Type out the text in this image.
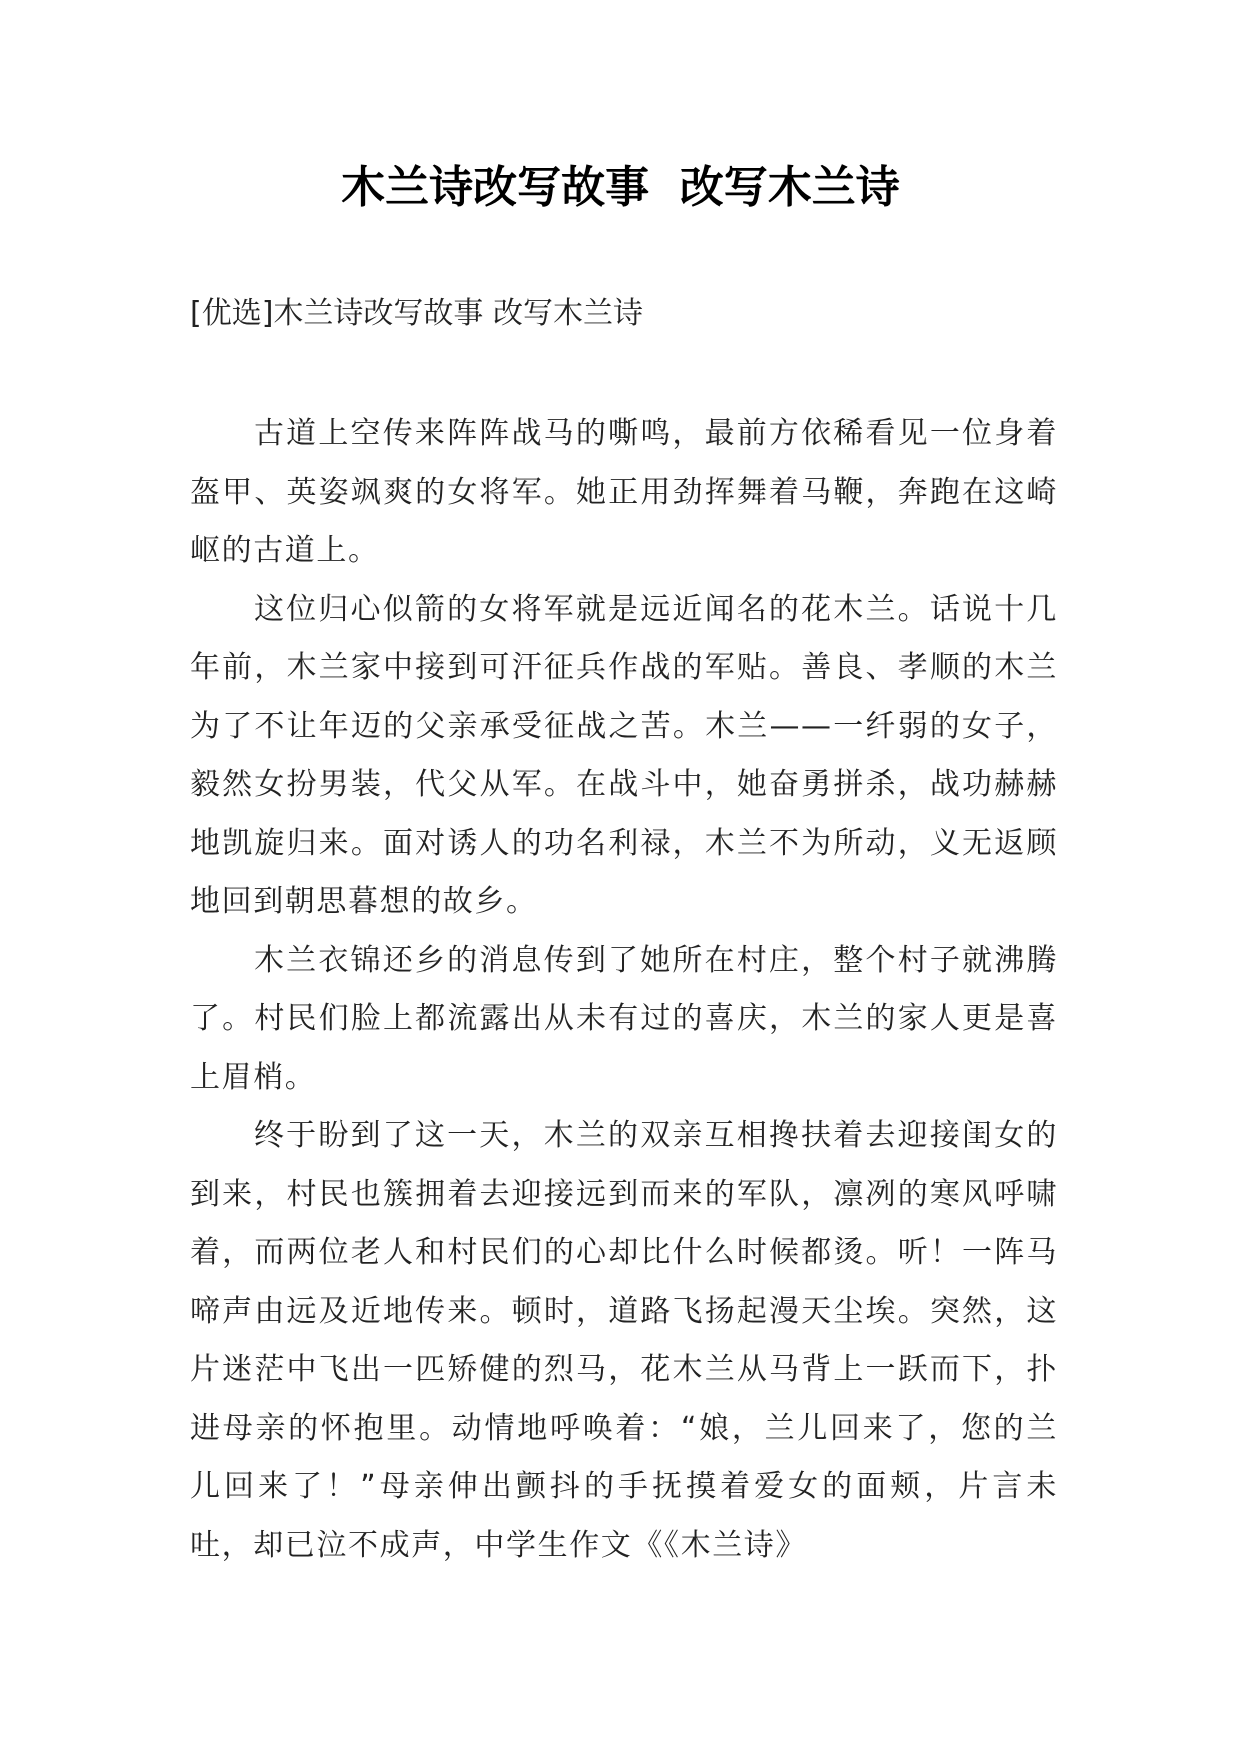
木兰诗改写故事  改写木兰诗
[优选]木兰诗改写故事 改写木兰诗

古道上空传来阵阵战马的嘶鸣，最前方依稀看见一位身着盔甲、英姿飒爽的女将军。她正用劲挥舞着马鞭，奔跑在这崎岖的古道上。

这位归心似箭的女将军就是远近闻名的花木兰。话说十几年前，木兰家中接到可汗征兵作战的军贴。善良、孝顺的木兰为了不让年迈的父亲承受征战之苦。木兰——一纤弱的女子，毅然女扮男装，代父从军。在战斗中，她奋勇拼杀，战功赫赫地凯旋归来。面对诱人的功名利禄，木兰不为所动，义无返顾地回到朝思暮想的故乡。

木兰衣锦还乡的消息传到了她所在村庄，整个村子就沸腾了。村民们脸上都流露出从未有过的喜庆，木兰的家人更是喜上眉梢。

终于盼到了这一天，木兰的双亲互相搀扶着去迎接闺女的到来，村民也簇拥着去迎接远到而来的军队，凛冽的寒风呼啸着，而两位老人和村民们的心却比什么时候都烫。听！一阵马啼声由远及近地传来。顿时，道路飞扬起漫天尘埃。突然，这片迷茫中飞出一匹矫健的烈马，花木兰从马背上一跃而下，扑进母亲的怀抱里。动情地呼唤着：“娘，兰儿回来了，您的兰儿回来了！”母亲伸出颤抖的手抚摸着爱女的面颊，片言未吐，却已泣不成声，中学生作文《《木兰诗》
